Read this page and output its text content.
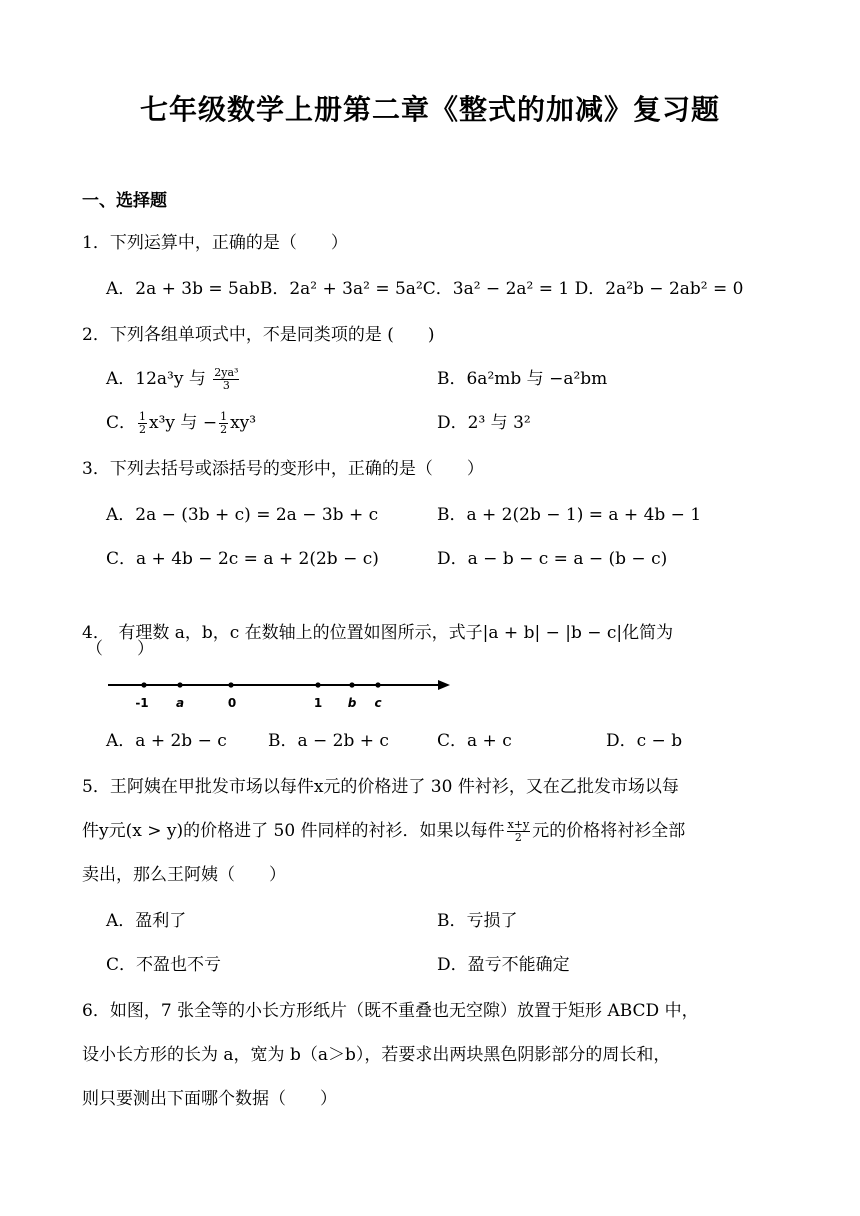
七年级数学上册第二章《整式的加减》复习题
一、选择题
1．下列运算中，正确的是（　　）
A．2a + 3b = 5abB．2a² + 3a² = 5a²C．3a² − 2a² = 1 D．2a²b − 2ab² = 0
2．下列各组单项式中，不是同类项的是 (　　)
A．12a³y 与 $\frac{\text{2ya³}}{3}$	B．6a²mb 与 −a²bm
C． $\frac{1}{2} x^3y$ 与 − $\frac{1}{2} xy^3$	D．2³ 与 3²
3．下列去括号或添括号的变形中，正确的是（　　）
A．2a − (3b + c) = 2a − 3b + c	B．a + 2(2b − 1) = a + 4b − 1
C．a + 4b − 2c = a + 2(2b − c)	D．a − b − c = a − (b − c)
4．　有理数 a，b，c 在数轴上的位置如图所示，式子|a + b| − |b − c|化简为
（　　）
-1 a	0	1 b c
A．a + 2b − c B．a − 2b + c	C．a + c	D．c − b
5．王阿姨在甲批发市场以每件x元的价格进了 30 件衬衫，又在乙批发市场以每
件y元(x > y)的价格进了 50 件同样的衬衫．如果以每件 $\frac{x+y}{2}$ 元的价格将衬衫全部
卖出，那么王阿姨（　　）
A．盈利了	B．亏损了
C．不盈也不亏	D．盈亏不能确定
6．如图，7 张全等的小长方形纸片（既不重叠也无空隙）放置于矩形 ABCD 中，
设小长方形的长为 a，宽为 b（a＞b），若要求出两块黑色阴影部分的周长和，
则只要测出下面哪个数据（　　）
